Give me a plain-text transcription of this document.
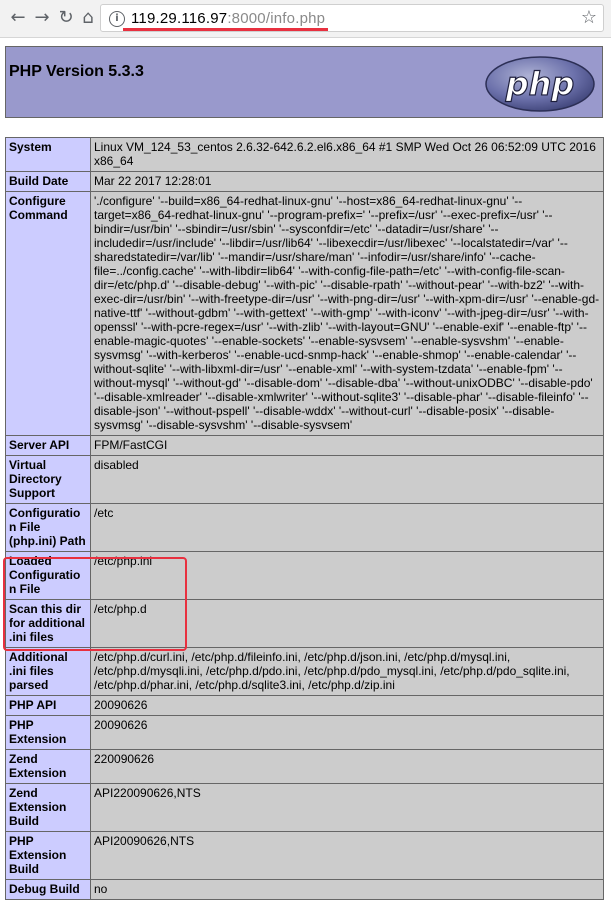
← → ↻ ⌂	i 119.29.116.97:8000/info.php	☆
PHP Version 5.3.3	php
System	Linux VM_124_53_centos 2.6.32-642.6.2.el6.x86_64 #1 SMP Wed Oct 26 06:52:09 UTC 2016 x86_64
Build Date	Mar 22 2017 12:28:01
Configure Command	'./configure' '--build=x86_64-redhat-linux-gnu' '--host=x86_64-redhat-linux-gnu' '--target=x86_64-redhat-linux-gnu' '--program-prefix=' '--prefix=/usr' '--exec-prefix=/usr' '--bindir=/usr/bin' '--sbindir=/usr/sbin' '--sysconfdir=/etc' '--datadir=/usr/share' '--includedir=/usr/include' '--libdir=/usr/lib64' '--libexecdir=/usr/libexec' '--localstatedir=/var' '--sharedstatedir=/var/lib' '--mandir=/usr/share/man' '--infodir=/usr/share/info' '--cache-file=../config.cache' '--with-libdir=lib64' '--with-config-file-path=/etc' '--with-config-file-scan-dir=/etc/php.d' '--disable-debug' '--with-pic' '--disable-rpath' '--without-pear' '--with-bz2' '--with-exec-dir=/usr/bin' '--with-freetype-dir=/usr' '--with-png-dir=/usr' '--with-xpm-dir=/usr' '--enable-gd-native-ttf' '--without-gdbm' '--with-gettext' '--with-gmp' '--with-iconv' '--with-jpeg-dir=/usr' '--with-openssl' '--with-pcre-regex=/usr' '--with-zlib' '--with-layout=GNU' '--enable-exif' '--enable-ftp' '--enable-magic-quotes' '--enable-sockets' '--enable-sysvsem' '--enable-sysvshm' '--enable-sysvmsg' '--with-kerberos' '--enable-ucd-snmp-hack' '--enable-shmop' '--enable-calendar' '--without-sqlite' '--with-libxml-dir=/usr' '--enable-xml' '--with-system-tzdata' '--enable-fpm' '--without-mysql' '--without-gd' '--disable-dom' '--disable-dba' '--without-unixODBC' '--disable-pdo' '--disable-xmlreader' '--disable-xmlwriter' '--without-sqlite3' '--disable-phar' '--disable-fileinfo' '--disable-json' '--without-pspell' '--disable-wddx' '--without-curl' '--disable-posix' '--disable-sysvmsg' '--disable-sysvshm' '--disable-sysvsem'
Server API	FPM/FastCGI
Virtual Directory Support	disabled
Configuration File (php.ini) Path	/etc
Loaded Configuration File	/etc/php.ini
Scan this dir for additional .ini files	/etc/php.d
Additional .ini files parsed	/etc/php.d/curl.ini, /etc/php.d/fileinfo.ini, /etc/php.d/json.ini, /etc/php.d/mysql.ini, /etc/php.d/mysqli.ini, /etc/php.d/pdo.ini, /etc/php.d/pdo_mysql.ini, /etc/php.d/pdo_sqlite.ini, /etc/php.d/phar.ini, /etc/php.d/sqlite3.ini, /etc/php.d/zip.ini
PHP API	20090626
PHP Extension	20090626
Zend Extension	220090626
Zend Extension Build	API220090626,NTS
PHP Extension Build	API20090626,NTS
Debug Build	no
